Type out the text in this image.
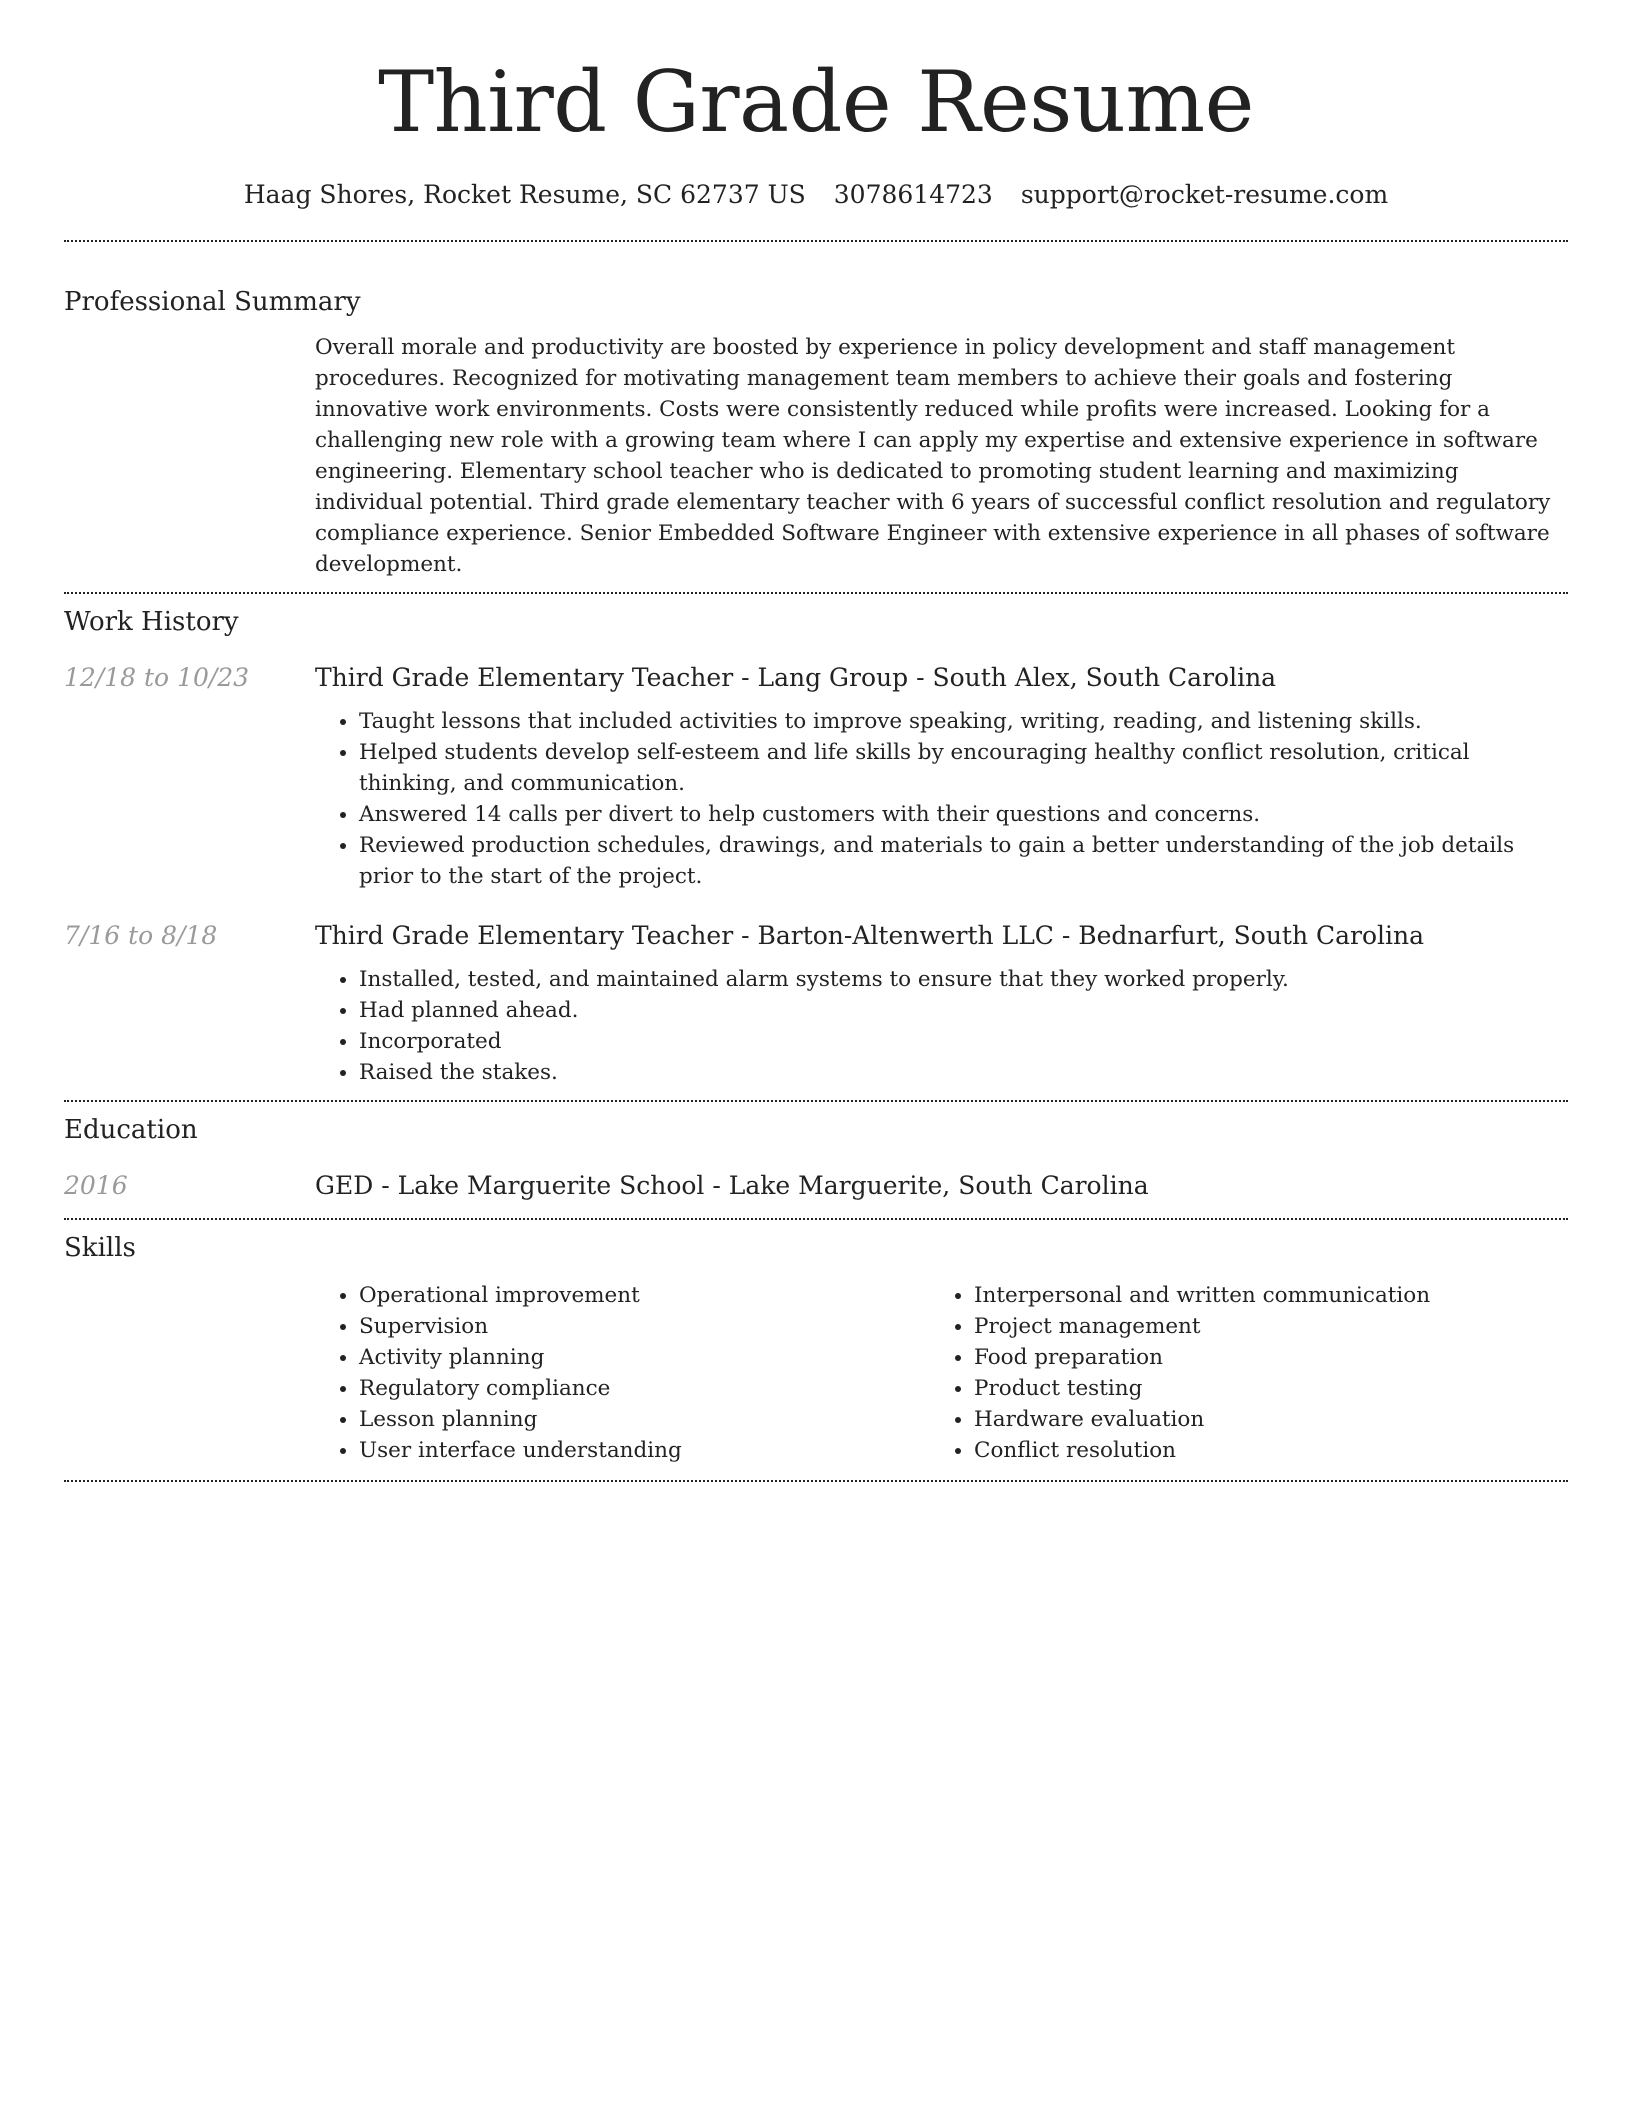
Third Grade Resume
Haag Shores, Rocket Resume, SC 62737 US 3078614723 support@rocket-resume.com
Professional Summary
Overall morale and productivity are boosted by experience in policy development and staff management procedures. Recognized for motivating management team members to achieve their goals and fostering innovative work environments. Costs were consistently reduced while profits were increased. Looking for a challenging new role with a growing team where I can apply my expertise and extensive experience in software engineering. Elementary school teacher who is dedicated to promoting student learning and maximizing individual potential. Third grade elementary teacher with 6 years of successful conflict resolution and regulatory compliance experience. Senior Embedded Software Engineer with extensive experience in all phases of software development.
Work History
12/18 to 10/23	Third Grade Elementary Teacher - Lang Group - South Alex, South Carolina
• Taught lessons that included activities to improve speaking, writing, reading, and listening skills.
• Helped students develop self-esteem and life skills by encouraging healthy conflict resolution, critical thinking, and communication.
• Answered 14 calls per divert to help customers with their questions and concerns.
• Reviewed production schedules, drawings, and materials to gain a better understanding of the job details prior to the start of the project.
7/16 to 8/18	Third Grade Elementary Teacher - Barton-Altenwerth LLC - Bednarfurt, South Carolina
• Installed, tested, and maintained alarm systems to ensure that they worked properly.
• Had planned ahead.
• Incorporated
• Raised the stakes.
Education
2016	GED - Lake Marguerite School - Lake Marguerite, South Carolina
Skills
• Operational improvement
• Supervision
• Activity planning
• Regulatory compliance
• Lesson planning
• User interface understanding
• Interpersonal and written communication
• Project management
• Food preparation
• Product testing
• Hardware evaluation
• Conflict resolution
